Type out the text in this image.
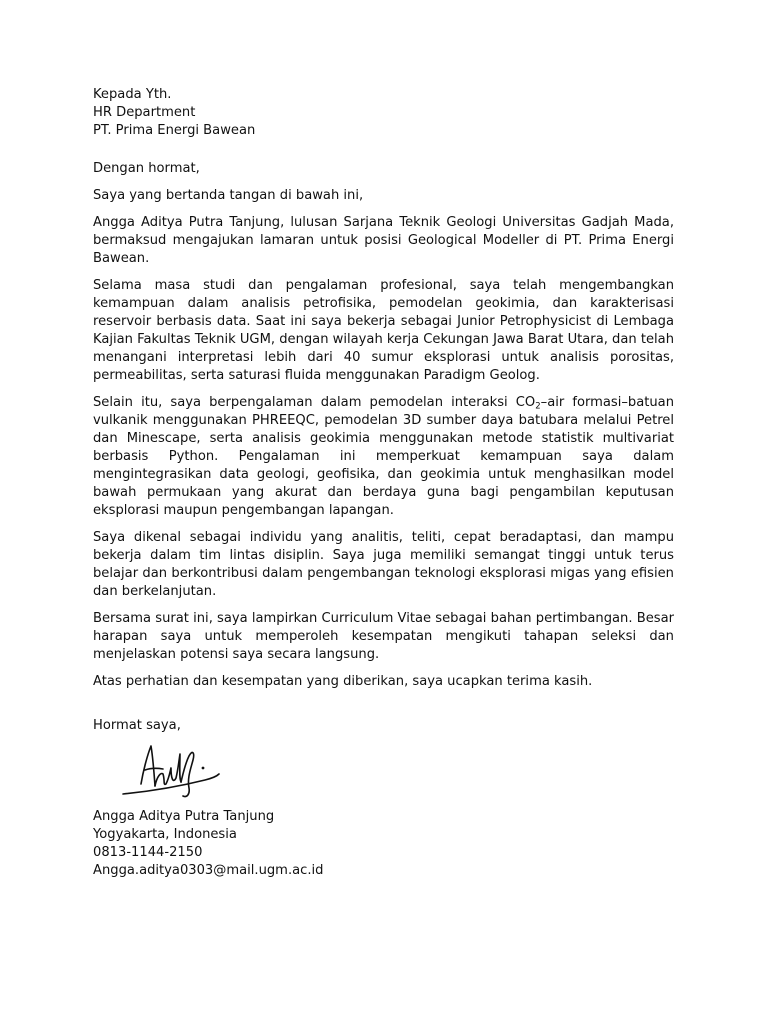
Kepada Yth.
HR Department
PT. Prima Energi Bawean

Dengan hormat,

Saya yang bertanda tangan di bawah ini,

Angga Aditya Putra Tanjung, lulusan Sarjana Teknik Geologi Universitas Gadjah Mada, bermaksud mengajukan lamaran untuk posisi Geological Modeller di PT. Prima Energi Bawean.

Selama masa studi dan pengalaman profesional, saya telah mengembangkan kemampuan dalam analisis petrofisika, pemodelan geokimia, dan karakterisasi reservoir berbasis data. Saat ini saya bekerja sebagai Junior Petrophysicist di Lembaga Kajian Fakultas Teknik UGM, dengan wilayah kerja Cekungan Jawa Barat Utara, dan telah menangani interpretasi lebih dari 40 sumur eksplorasi untuk analisis porositas, permeabilitas, serta saturasi fluida menggunakan Paradigm Geolog.

Selain itu, saya berpengalaman dalam pemodelan interaksi $CO_2$–air formasi–batuan vulkanik menggunakan PHREEQC, pemodelan 3D sumber daya batubara melalui Petrel dan Minescape, serta analisis geokimia menggunakan metode statistik multivariat berbasis Python. Pengalaman ini memperkuat kemampuan saya dalam mengintegrasikan data geologi, geofisika, dan geokimia untuk menghasilkan model bawah permukaan yang akurat dan berdaya guna bagi pengambilan keputusan eksplorasi maupun pengembangan lapangan.

Saya dikenal sebagai individu yang analitis, teliti, cepat beradaptasi, dan mampu bekerja dalam tim lintas disiplin. Saya juga memiliki semangat tinggi untuk terus belajar dan berkontribusi dalam pengembangan teknologi eksplorasi migas yang efisien dan berkelanjutan.

Bersama surat ini, saya lampirkan Curriculum Vitae sebagai bahan pertimbangan. Besar harapan saya untuk memperoleh kesempatan mengikuti tahapan seleksi dan menjelaskan potensi saya secara langsung.

Atas perhatian dan kesempatan yang diberikan, saya ucapkan terima kasih.

Hormat saya,
Angga Aditya Putra Tanjung
Yogyakarta, Indonesia
0813-1144-2150
Angga.aditya0303@mail.ugm.ac.id
